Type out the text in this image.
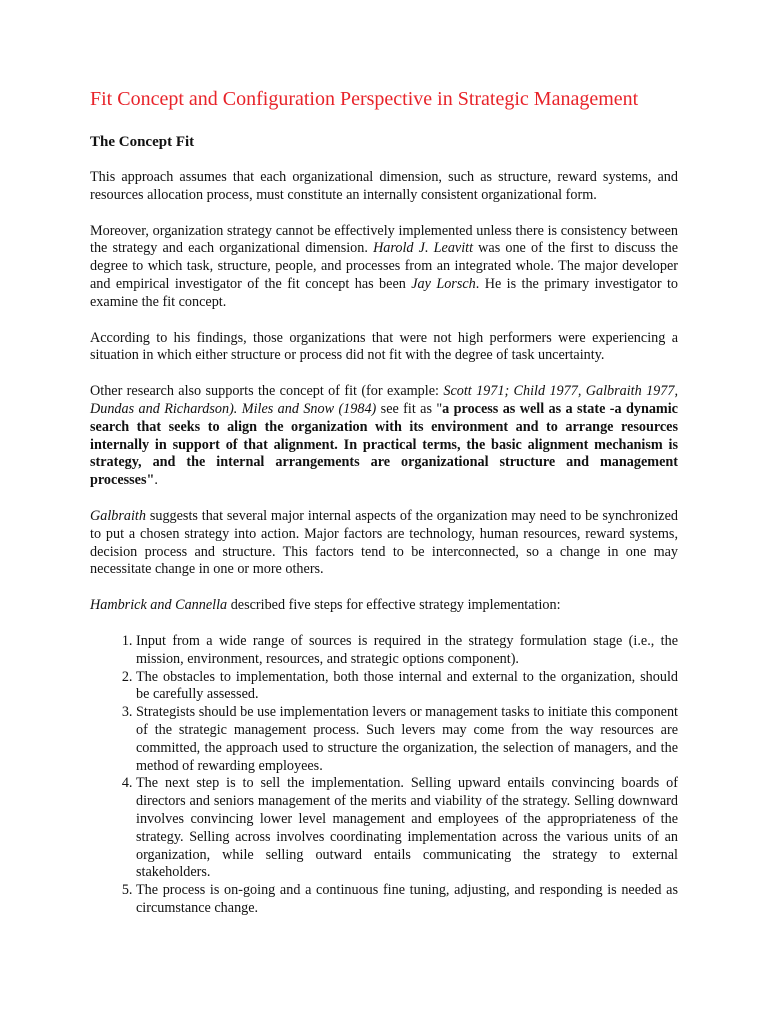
Fit Concept and Configuration Perspective in Strategic Management
The Concept Fit

This approach assumes that each organizational dimension, such as structure, reward systems, and resources allocation process, must constitute an internally consistent organizational form.

Moreover, organization strategy cannot be effectively implemented unless there is consistency between the strategy and each organizational dimension. Harold J. Leavitt was one of the first to discuss the degree to which task, structure, people, and processes from an integrated whole. The major developer and empirical investigator of the fit concept has been Jay Lorsch. He is the primary investigator to examine the fit concept.

According to his findings, those organizations that were not high performers were experiencing a situation in which either structure or process did not fit with the degree of task uncertainty.

Other research also supports the concept of fit (for example: Scott 1971; Child 1977, Galbraith 1977, Dundas and Richardson). Miles and Snow (1984) see fit as "a process as well as a state -a dynamic search that seeks to align the organization with its environment and to arrange resources internally in support of that alignment. In practical terms, the basic alignment mechanism is strategy, and the internal arrangements are organizational structure and management processes".

Galbraith suggests that several major internal aspects of the organization may need to be synchronized to put a chosen strategy into action. Major factors are technology, human resources, reward systems, decision process and structure. This factors tend to be interconnected, so a change in one may necessitate change in one or more others.

Hambrick and Cannella described five steps for effective strategy implementation:

1. Input from a wide range of sources is required in the strategy formulation stage (i.e., the mission, environment, resources, and strategic options component).
2. The obstacles to implementation, both those internal and external to the organization, should be carefully assessed.
3. Strategists should be use implementation levers or management tasks to initiate this component of the strategic management process. Such levers may come from the way resources are committed, the approach used to structure the organization, the selection of managers, and the method of rewarding employees.
4. The next step is to sell the implementation. Selling upward entails convincing boards of directors and seniors management of the merits and viability of the strategy. Selling downward involves convincing lower level management and employees of the appropriateness of the strategy. Selling across involves coordinating implementation across the various units of an organization, while selling outward entails communicating the strategy to external stakeholders.
5. The process is on-going and a continuous fine tuning, adjusting, and responding is needed as circumstance change.
